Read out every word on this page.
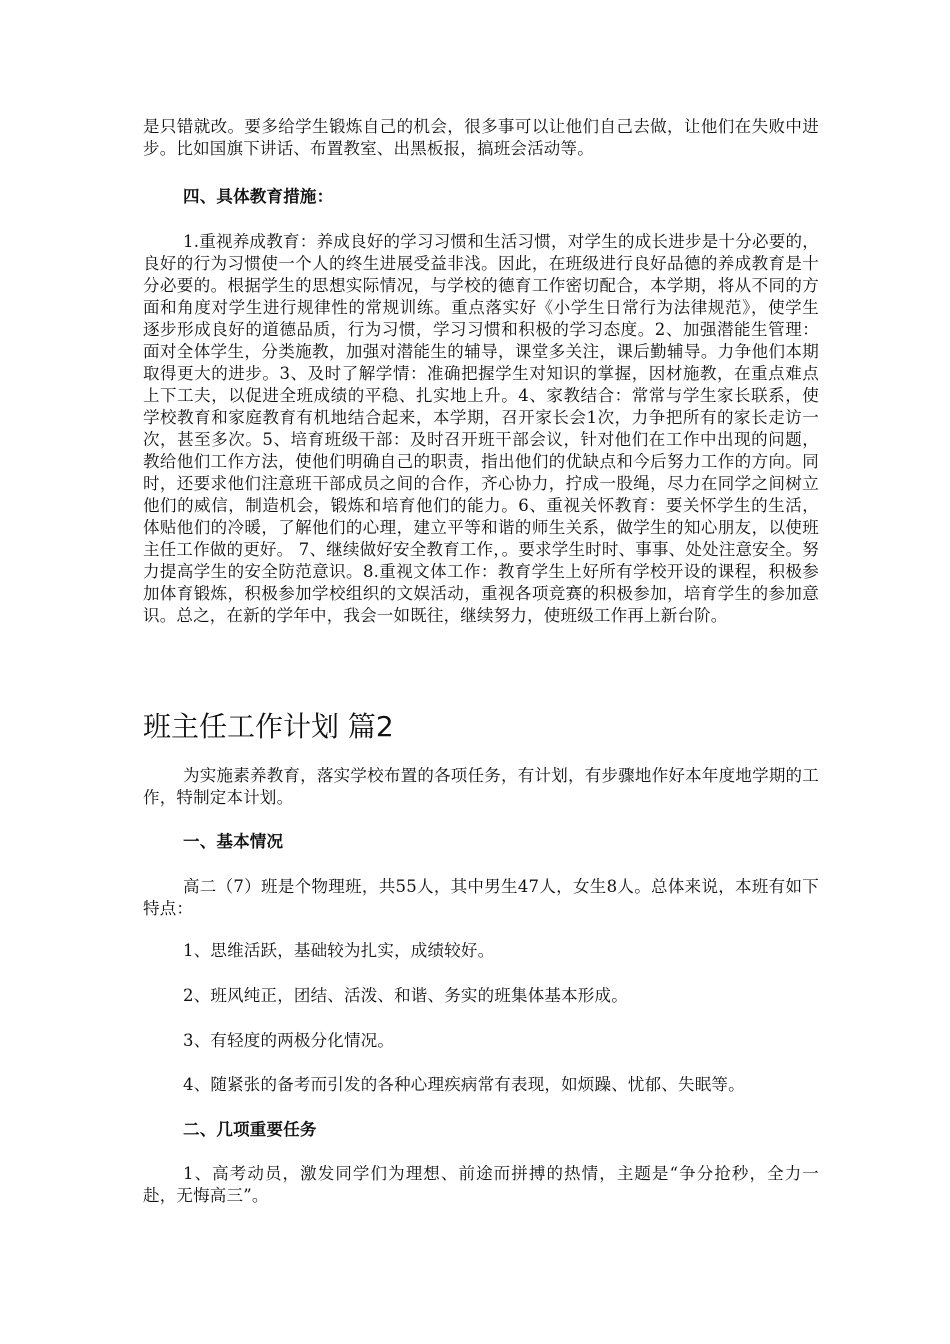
是只错就改。要多给学生锻炼自己的机会，很多事可以让他们自己去做，让他们在失败中进步。比如国旗下讲话、布置教室、出黑板报，搞班会活动等。
四、具体教育措施：
1.重视养成教育：养成良好的学习习惯和生活习惯，对学生的成长进步是十分必要的，良好的行为习惯使一个人的终生进展受益非浅。因此，在班级进行良好品德的养成教育是十分必要的。根据学生的思想实际情况，与学校的德育工作密切配合，本学期，将从不同的方面和角度对学生进行规律性的常规训练。重点落实好《小学生日常行为法律规范》，使学生逐步形成良好的道德品质，行为习惯，学习习惯和积极的学习态度。2、加强潜能生管理：面对全体学生，分类施教，加强对潜能生的辅导，课堂多关注，课后勤辅导。力争他们本期取得更大的进步。3、及时了解学情：准确把握学生对知识的掌握，因材施教，在重点难点上下工夫，以促进全班成绩的平稳、扎实地上升。4、家教结合：常常与学生家长联系，使学校教育和家庭教育有机地结合起来，本学期，召开家长会1次，力争把所有的家长走访一次，甚至多次。5、培育班级干部：及时召开班干部会议，针对他们在工作中出现的问题，教给他们工作方法，使他们明确自己的职责，指出他们的优缺点和今后努力工作的方向。同时，还要求他们注意班干部成员之间的合作，齐心协力，拧成一股绳，尽力在同学之间树立他们的威信，制造机会，锻炼和培育他们的能力。6、重视关怀教育：要关怀学生的生活，体贴他们的冷暖，了解他们的心理，建立平等和谐的师生关系，做学生的知心朋友，以使班主任工作做的更好。 7、继续做好安全教育工作，。要求学生时时、事事、处处注意安全。努力提高学生的安全防范意识。8.重视文体工作：教育学生上好所有学校开设的课程，积极参加体育锻炼，积极参加学校组织的文娱活动，重视各项竞赛的积极参加，培育学生的参加意识。总之，在新的学年中，我会一如既往，继续努力，使班级工作再上新台阶。
班主任工作计划 篇2
为实施素养教育，落实学校布置的各项任务，有计划，有步骤地作好本年度地学期的工作，特制定本计划。
一、基本情况
高二（7）班是个物理班，共55人，其中男生47人，女生8人。总体来说，本班有如下特点：
1、思维活跃，基础较为扎实，成绩较好。
2、班风纯正，团结、活泼、和谐、务实的班集体基本形成。
3、有轻度的两极分化情况。
4、随紧张的备考而引发的各种心理疾病常有表现，如烦躁、忧郁、失眠等。
二、几项重要任务
1、高考动员，激发同学们为理想、前途而拼搏的热情，主题是“争分抢秒，全力一赴，无悔高三”。
